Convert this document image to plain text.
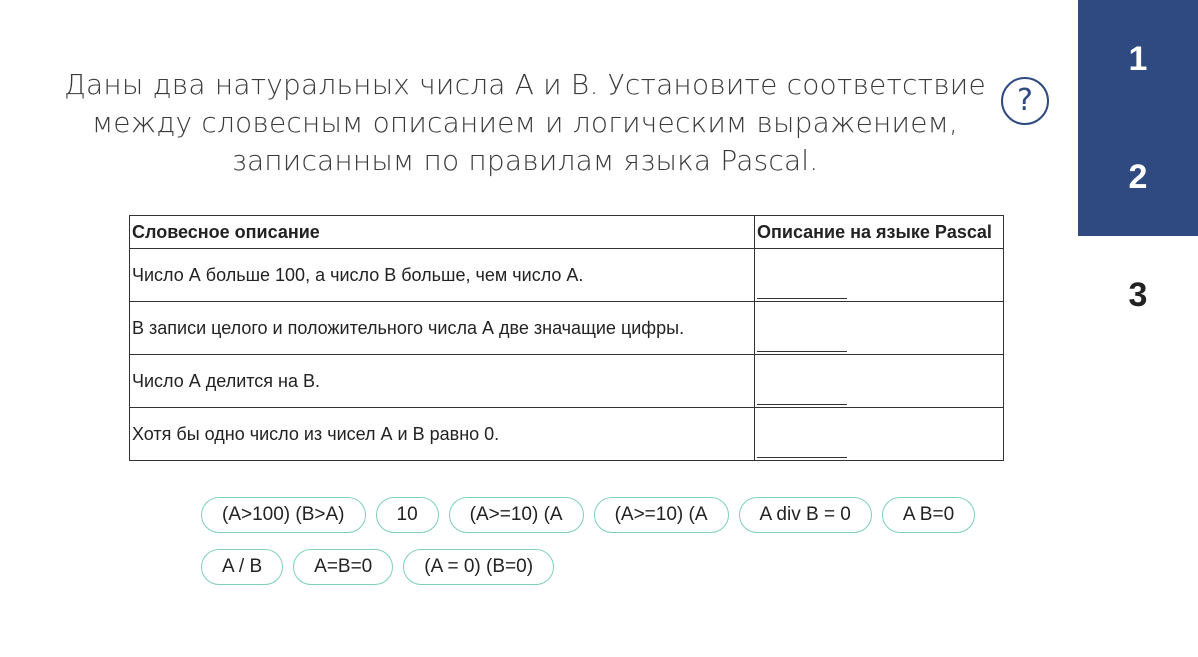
Даны два натуральных числа А и В. Установите соответствие
между словесным описанием и логическим выражением,
записанным по правилам языка Pascal.
?
1
2
3
Словесное описание	Описание на языке Pascal
Число А больше 100, а число В больше, чем число А.	

В записи целого и положительного числа А две значащие цифры.	

Число А делится на В.	

Хотя бы одно число из чисел А и В равно 0.	
(A>100) (B>A)	10	(A>=10) (A	(A>=10) (A	A div B = 0	A B=0
A / B	A=B=0	(A = 0) (B=0)
